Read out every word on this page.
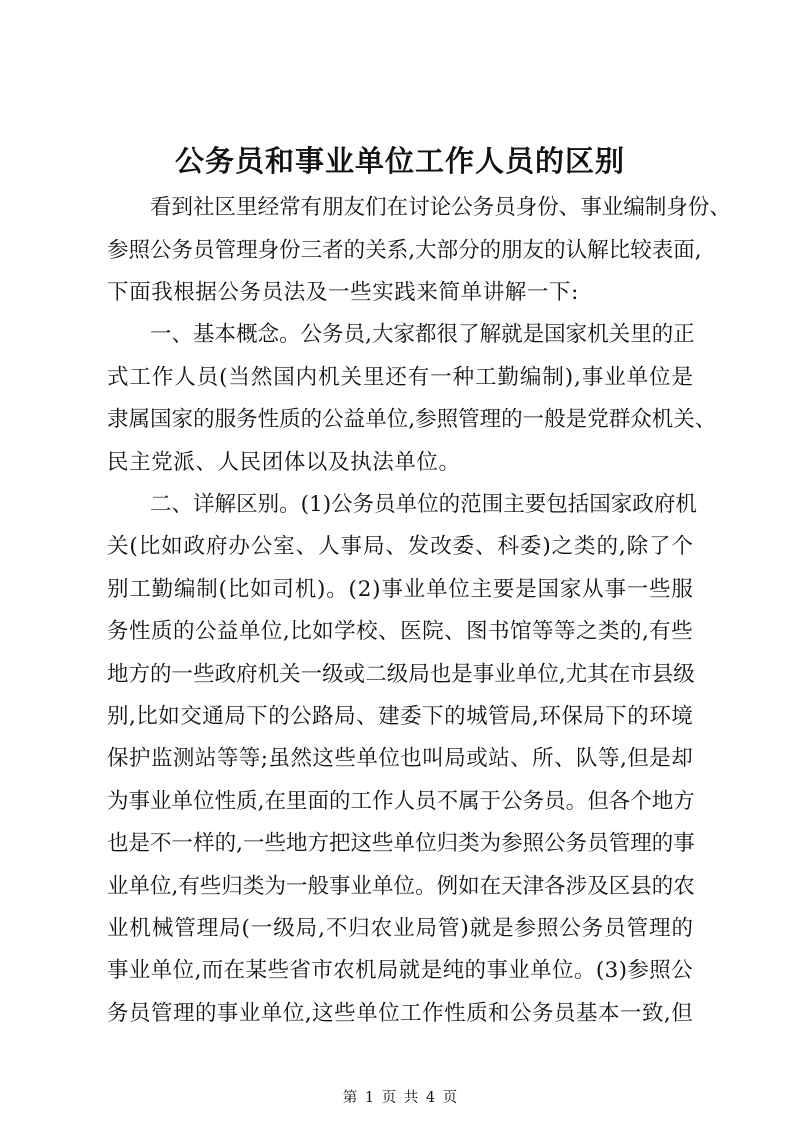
公务员和事业单位工作人员的区别
看 到 社 区 里 经 常 有 朋 友 们 在 讨 论 公 务 员 身 份 、 事 业 编 制 身 份 、
参 照 公 务 员 管 理 身 份 三 者 的 关 系 , 大 部 分 的 朋 友 的 认 解 比 较 表 面 ,
下面我根据公务员法及一些实践来简单讲解一下:
一 、 基 本 概 念 。 公 务 员 , 大 家 都 很 了 解 就 是 国 家 机 关 里 的 正
式 工 作 人 员 ( 当 然 国 内 机 关 里 还 有 一 种 工 勤 编 制 ) , 事 业 单 位 是
隶 属 国 家 的 服 务 性 质 的 公 益 单 位 , 参 照 管 理 的 一 般 是 党 群 众 机 关 、
民主党派、人民团体以及执法单位。
二 、 详 解 区 别 。 ( 1 ) 公 务 员 单 位 的 范 围 主 要 包 括 国 家 政 府 机
关 ( 比 如 政 府 办 公 室 、 人 事 局 、 发 改 委 、 科 委 ) 之 类 的 , 除 了 个
别 工 勤 编 制 ( 比 如 司 机 ) 。 ( 2 ) 事 业 单 位 主 要 是 国 家 从 事 一 些 服
务 性 质 的 公 益 单 位 , 比 如 学 校 、 医 院 、 图 书 馆 等 等 之 类 的 , 有 些
地 方 的 一 些 政 府 机 关 一 级 或 二 级 局 也 是 事 业 单 位 , 尤 其 在 市 县 级
别 , 比 如 交 通 局 下 的 公 路 局 、 建 委 下 的 城 管 局 , 环 保 局 下 的 环 境
保 护 监 测 站 等 等 ; 虽 然 这 些 单 位 也 叫 局 或 站 、 所 、 队 等 , 但 是 却
为 事 业 单 位 性 质 , 在 里 面 的 工 作 人 员 不 属 于 公 务 员 。 但 各 个 地 方
也 是 不 一 样 的 , 一 些 地 方 把 这 些 单 位 归 类 为 参 照 公 务 员 管 理 的 事
业 单 位 , 有 些 归 类 为 一 般 事 业 单 位 。 例 如 在 天 津 各 涉 及 区 县 的 农
业 机 械 管 理 局 ( 一 级 局 , 不 归 农 业 局 管 ) 就 是 参 照 公 务 员 管 理 的
事 业 单 位 , 而 在 某 些 省 市 农 机 局 就 是 纯 的 事 业 单 位 。 ( 3 ) 参 照 公
务 员 管 理 的 事 业 单 位 , 这 些 单 位 工 作 性 质 和 公 务 员 基 本 一 致 , 但
第 1 页 共 4 页
